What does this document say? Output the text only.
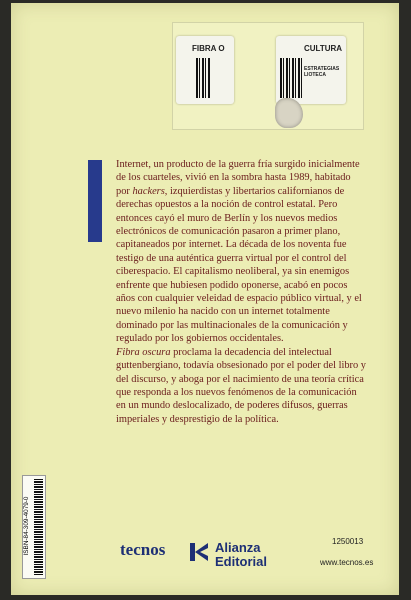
FIBRA O	CULTURA
ESTRATEGIAS
LIOTECA

Internet, un producto de la guerra fría surgido inicialmente de los cuarteles, vivió en la sombra hasta 1989, habitado por hackers, izquierdistas y libertarios californianos de derechas opuestos a la noción de control estatal. Pero entonces cayó el muro de Berlín y los nuevos medios electrónicos de comunicación pasaron a primer plano, capitaneados por internet. La década de los noventa fue testigo de una auténtica guerra virtual por el control del ciberespacio. El capitalismo neoliberal, ya sin enemigos enfrente que hubiesen podido oponerse, acabó en pocos años con cualquier veleidad de espacio público virtual, y el nuevo milenio ha nacido con un internet totalmente dominado por las multinacionales de la comunicación y regulado por los gobiernos occidentales.

Fibra oscura proclama la decadencia del intelectual guttenbergiano, todavía obsesionado por el poder del libro y del discurso, y aboga por el nacimiento de una teoría crítica que responda a los nuevos fenómenos de la comunicación en un mundo deslocalizado, de poderes difusos, guerras imperiales y desprestigio de la política.

ISBN-84-309-4079-0	tecnos	Alianza
Editorial
1250013
www.tecnos.es
